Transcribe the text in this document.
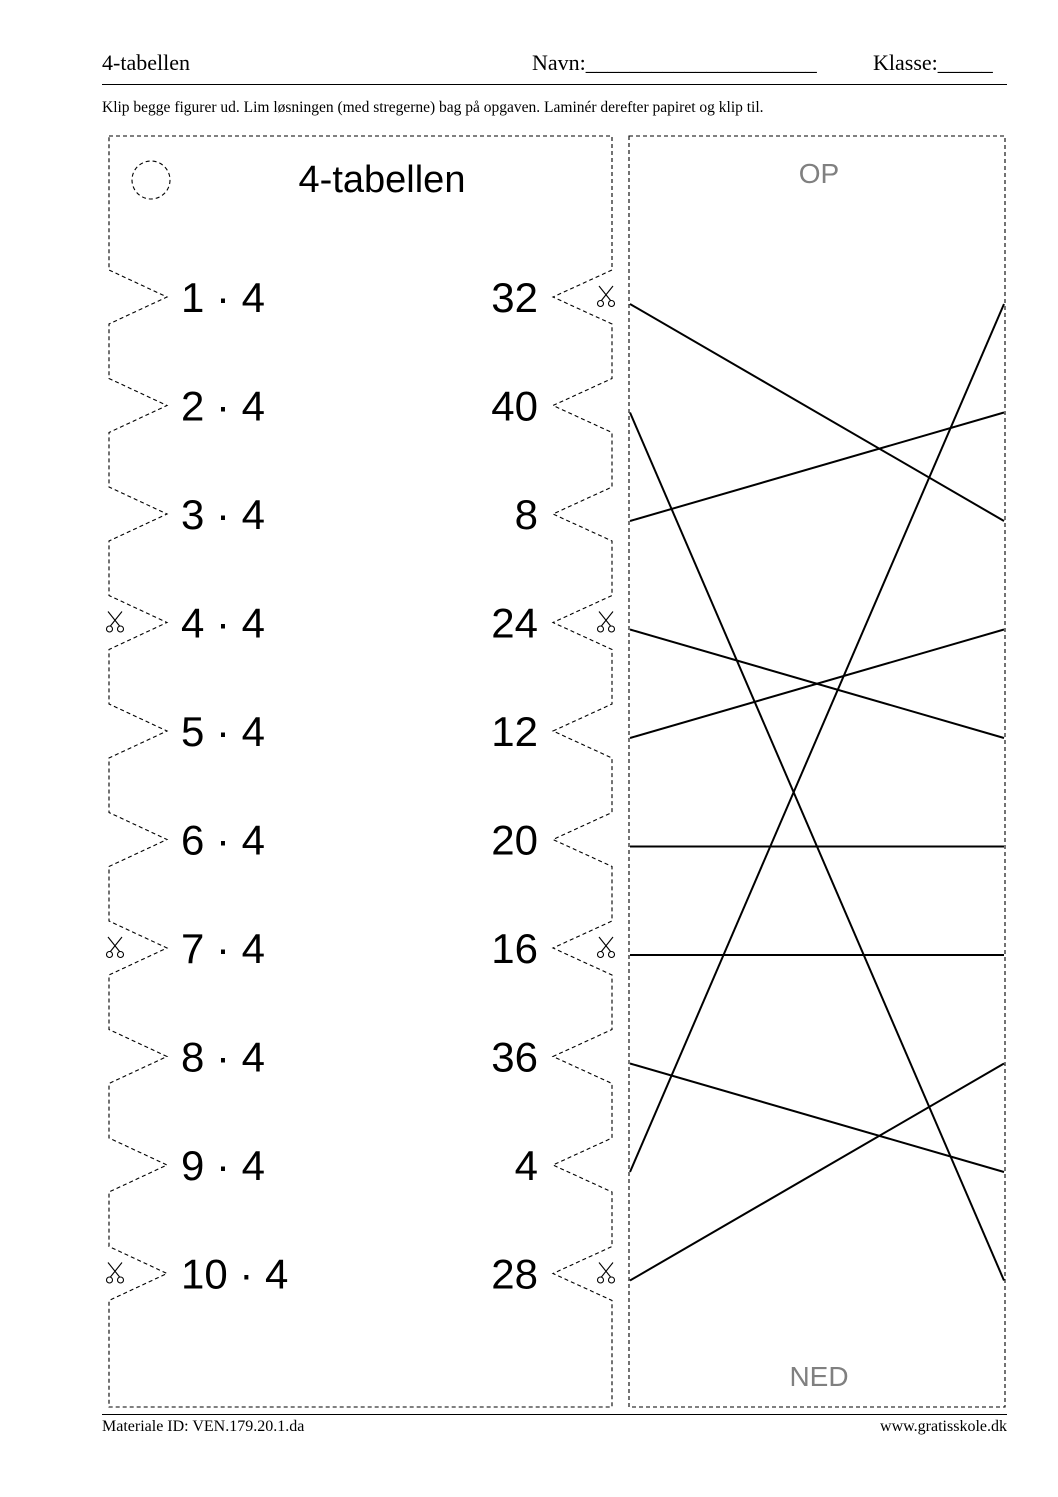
4-tabellen	Navn:_____________________	Klasse:_____
Klip begge figurer ud. Lim løsningen (med stregerne) bag på opgaven. Laminér derefter papiret og klip til.
4-tabellen
1 · 4
2 · 4
3 · 4
4 · 4
5 · 4
6 · 4
7 · 4
8 · 4
9 · 4
10 · 4
32
40
8
24
12
20
16
36
4
28
OP
NED
Materiale ID: VEN.179.20.1.da	www.gratisskole.dk
